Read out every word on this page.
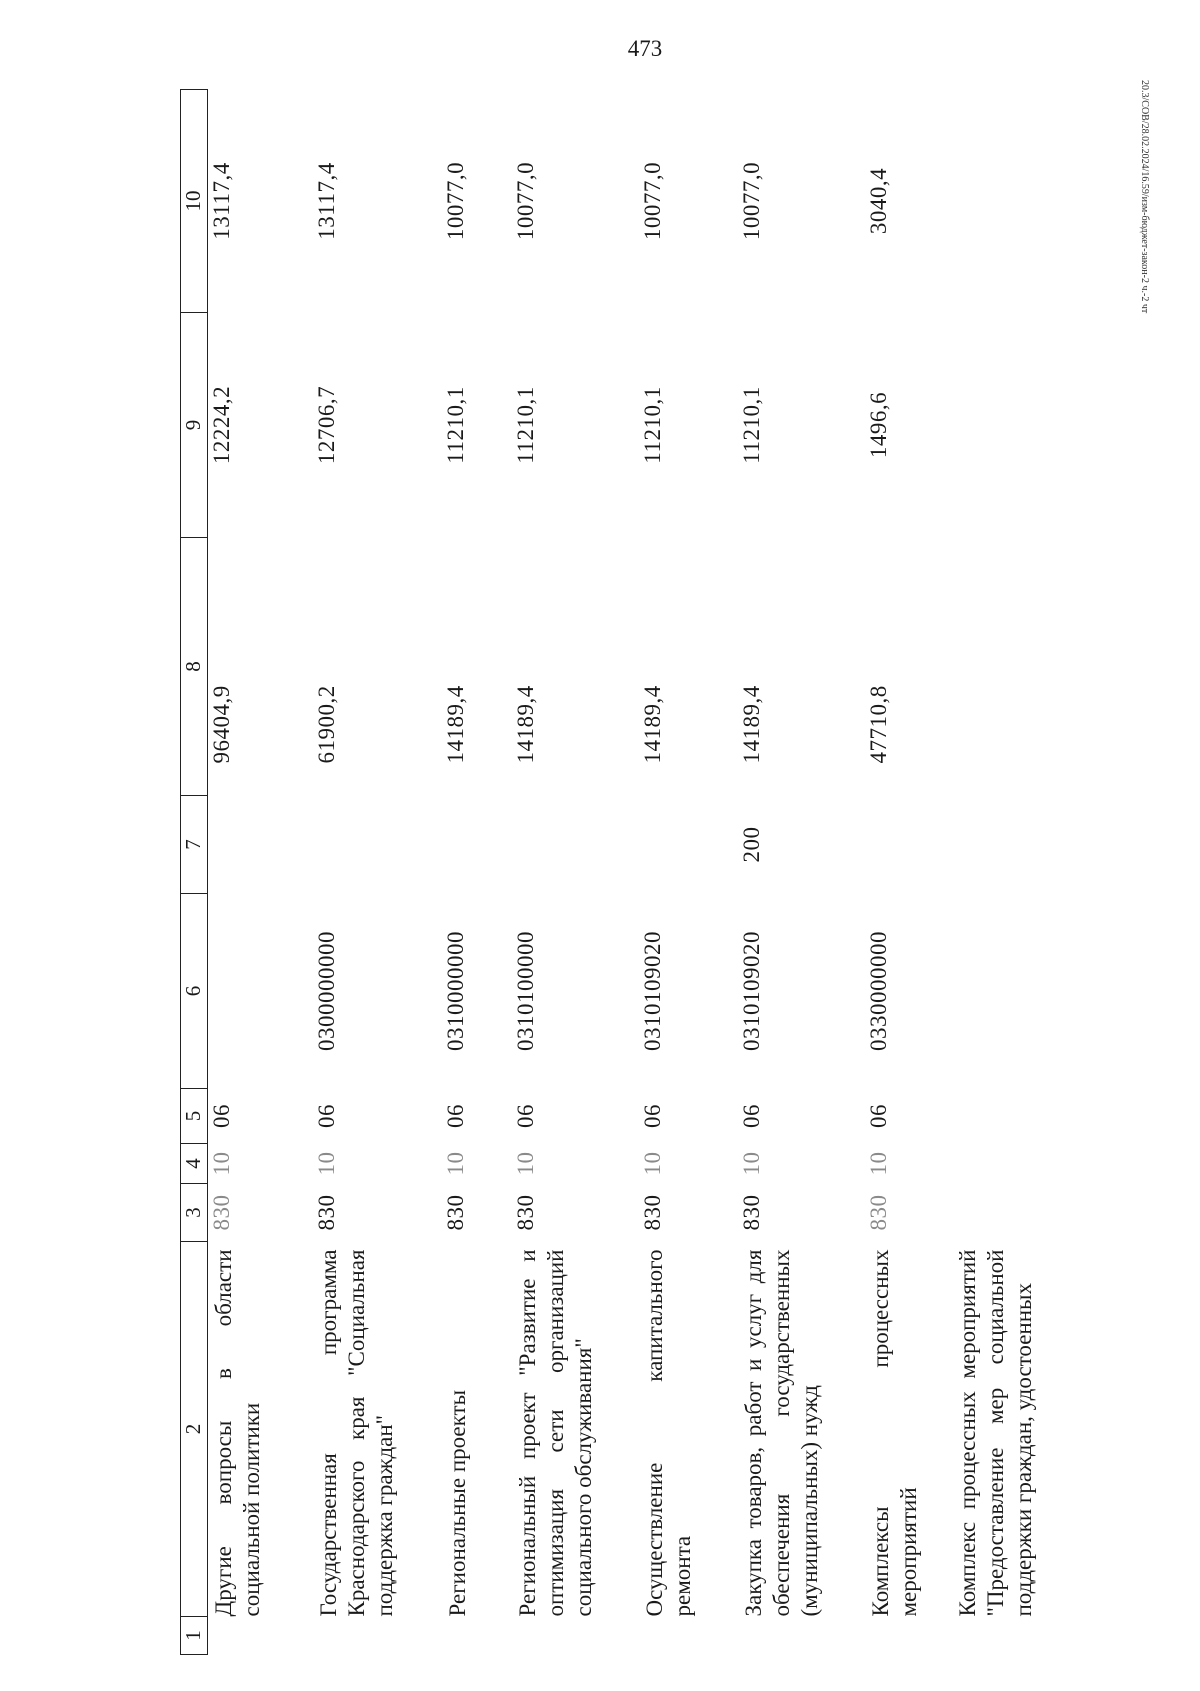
473
20.3/СОВ/28.02.2024/16.59/изм-бюджет-закон-2 ч.-2 чт
1	2	3	4	5	6	7	8	9	10
	Другие вопросы в области социальной политики	830	10	06			96404,9	12224,2	13117,4
	Государственная программа Краснодарского края "Социальная поддержка граждан"	830	10	06	0300000000		61900,2	12706,7	13117,4
	Региональные проекты	830	10	06	0310000000		14189,4	11210,1	10077,0
	Региональный проект "Развитие и оптимизация сети организаций социального обслуживания"	830	10	06	0310100000		14189,4	11210,1	10077,0
	Осуществление капитального ремонта	830	10	06	0310109020		14189,4	11210,1	10077,0
	Закупка товаров, работ и услуг для обеспечения государственных (муниципальных) нужд	830	10	06	0310109020	200	14189,4	11210,1	10077,0
	Комплексы процессных мероприятий	830	10	06	0330000000		47710,8	1496,6	3040,4
	Комплекс процессных мероприятий "Предоставление мер социальной поддержки граждан, удостоенных								
